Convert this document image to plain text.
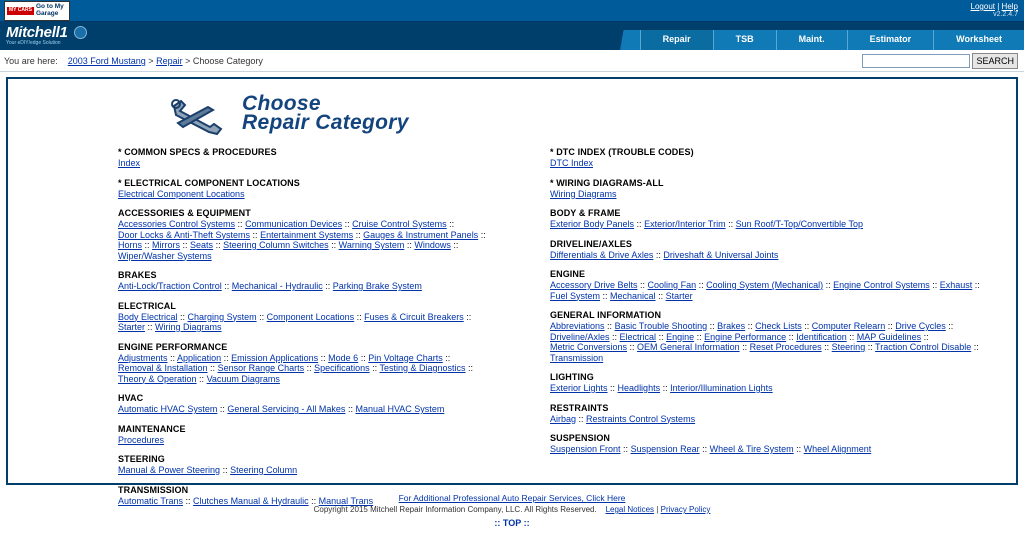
MY CARS
Go to My Garage
Logout | Help
v2.2.4.7
Mitchell1
Your eDIY/edge Solution	Repair	TSB	Maint.	Estimator	Worksheet
You are here: 2003 Ford Mustang > Repair > Choose Category	SEARCH
Choose
Repair Category
* COMMON SPECS & PROCEDURES
Index
* ELECTRICAL COMPONENT LOCATIONS
Electrical Component Locations
ACCESSORIES & EQUIPMENT
Accessories Control Systems :: Communication Devices :: Cruise Control Systems :: Door Locks & Anti-Theft Systems :: Entertainment Systems :: Gauges & Instrument Panels :: Horns :: Mirrors :: Seats :: Steering Column Switches :: Warning System :: Windows :: Wiper/Washer Systems
BRAKES
Anti-Lock/Traction Control :: Mechanical - Hydraulic :: Parking Brake System
ELECTRICAL
Body Electrical :: Charging System :: Component Locations :: Fuses & Circuit Breakers :: Starter :: Wiring Diagrams
ENGINE PERFORMANCE
Adjustments :: Application :: Emission Applications :: Mode 6 :: Pin Voltage Charts :: Removal & Installation :: Sensor Range Charts :: Specifications :: Testing & Diagnostics :: Theory & Operation :: Vacuum Diagrams
HVAC
Automatic HVAC System :: General Servicing - All Makes :: Manual HVAC System
MAINTENANCE
Procedures
STEERING
Manual & Power Steering :: Steering Column
TRANSMISSION
Automatic Trans :: Clutches Manual & Hydraulic :: Manual Trans
* DTC INDEX (TROUBLE CODES)
DTC Index
* WIRING DIAGRAMS-ALL
Wiring Diagrams
BODY & FRAME
Exterior Body Panels :: Exterior/Interior Trim :: Sun Roof/T-Top/Convertible Top
DRIVELINE/AXLES
Differentials & Drive Axles :: Driveshaft & Universal Joints
ENGINE
Accessory Drive Belts :: Cooling Fan :: Cooling System (Mechanical) :: Engine Control Systems :: Exhaust :: Fuel System :: Mechanical :: Starter
GENERAL INFORMATION
Abbreviations :: Basic Trouble Shooting :: Brakes :: Check Lists :: Computer Relearn :: Drive Cycles :: Driveline/Axles :: Electrical :: Engine :: Engine Performance :: Identification :: MAP Guidelines :: Metric Conversions :: OEM General Information :: Reset Procedures :: Steering :: Traction Control Disable :: Transmission
LIGHTING
Exterior Lights :: Headlights :: Interior/Illumination Lights
RESTRAINTS
Airbag :: Restraints Control Systems
SUSPENSION
Suspension Front :: Suspension Rear :: Wheel & Tire System :: Wheel Alignment
For Additional Professional Auto Repair Services, Click Here
Copyright 2015 Mitchell Repair Information Company, LLC. All Rights Reserved. Legal Notices | Privacy Policy
:: TOP ::
